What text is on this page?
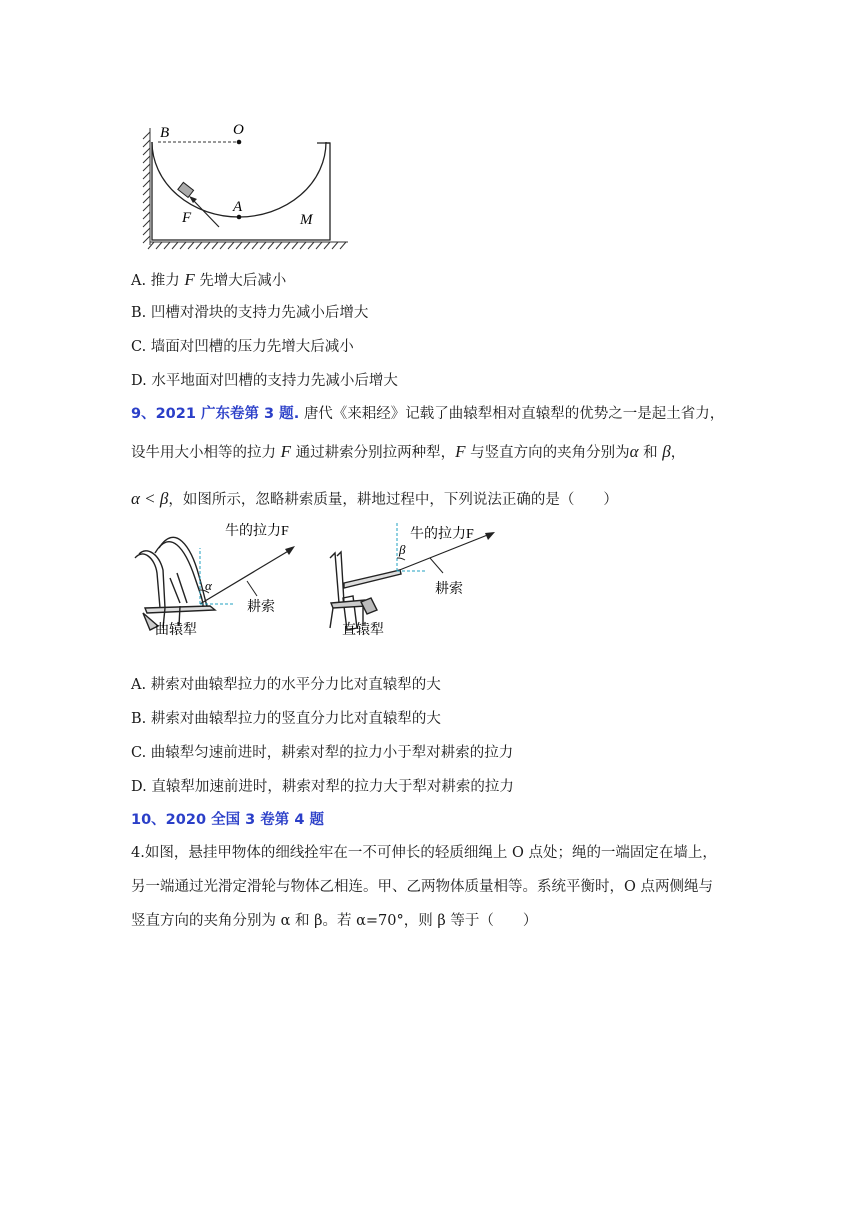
B	O
A
F	M
A. 推力 F 先增大后减小
B. 凹槽对滑块的支持力先减小后增大
C. 墙面对凹槽的压力先增大后减小
D. 水平地面对凹槽的支持力先减小后增大
9、2021 广东卷第 3 题. 唐代《来耜经》记载了曲辕犁相对直辕犁的优势之一是起土省力，
设牛用大小相等的拉力 F 通过耕索分别拉两种犁，F 与竖直方向的夹角分别为α 和 β，
α < β，如图所示，忽略耕索质量，耕地过程中，下列说法正确的是（　　）
α
牛的拉力F
耕索
曲辕犁
β
牛的拉力F
耕索
直辕犁
A. 耕索对曲辕犁拉力的水平分力比对直辕犁的大
B. 耕索对曲辕犁拉力的竖直分力比对直辕犁的大
C. 曲辕犁匀速前进时，耕索对犁的拉力小于犁对耕索的拉力
D. 直辕犁加速前进时，耕索对犁的拉力大于犁对耕索的拉力
10、2020 全国 3 卷第 4 题
4.如图，悬挂甲物体的细线拴牢在一不可伸长的轻质细绳上 O 点处；绳的一端固定在墙上，
另一端通过光滑定滑轮与物体乙相连。甲、乙两物体质量相等。系统平衡时，O 点两侧绳与
竖直方向的夹角分别为 α 和 β。若 α=70°，则 β 等于（　　）
